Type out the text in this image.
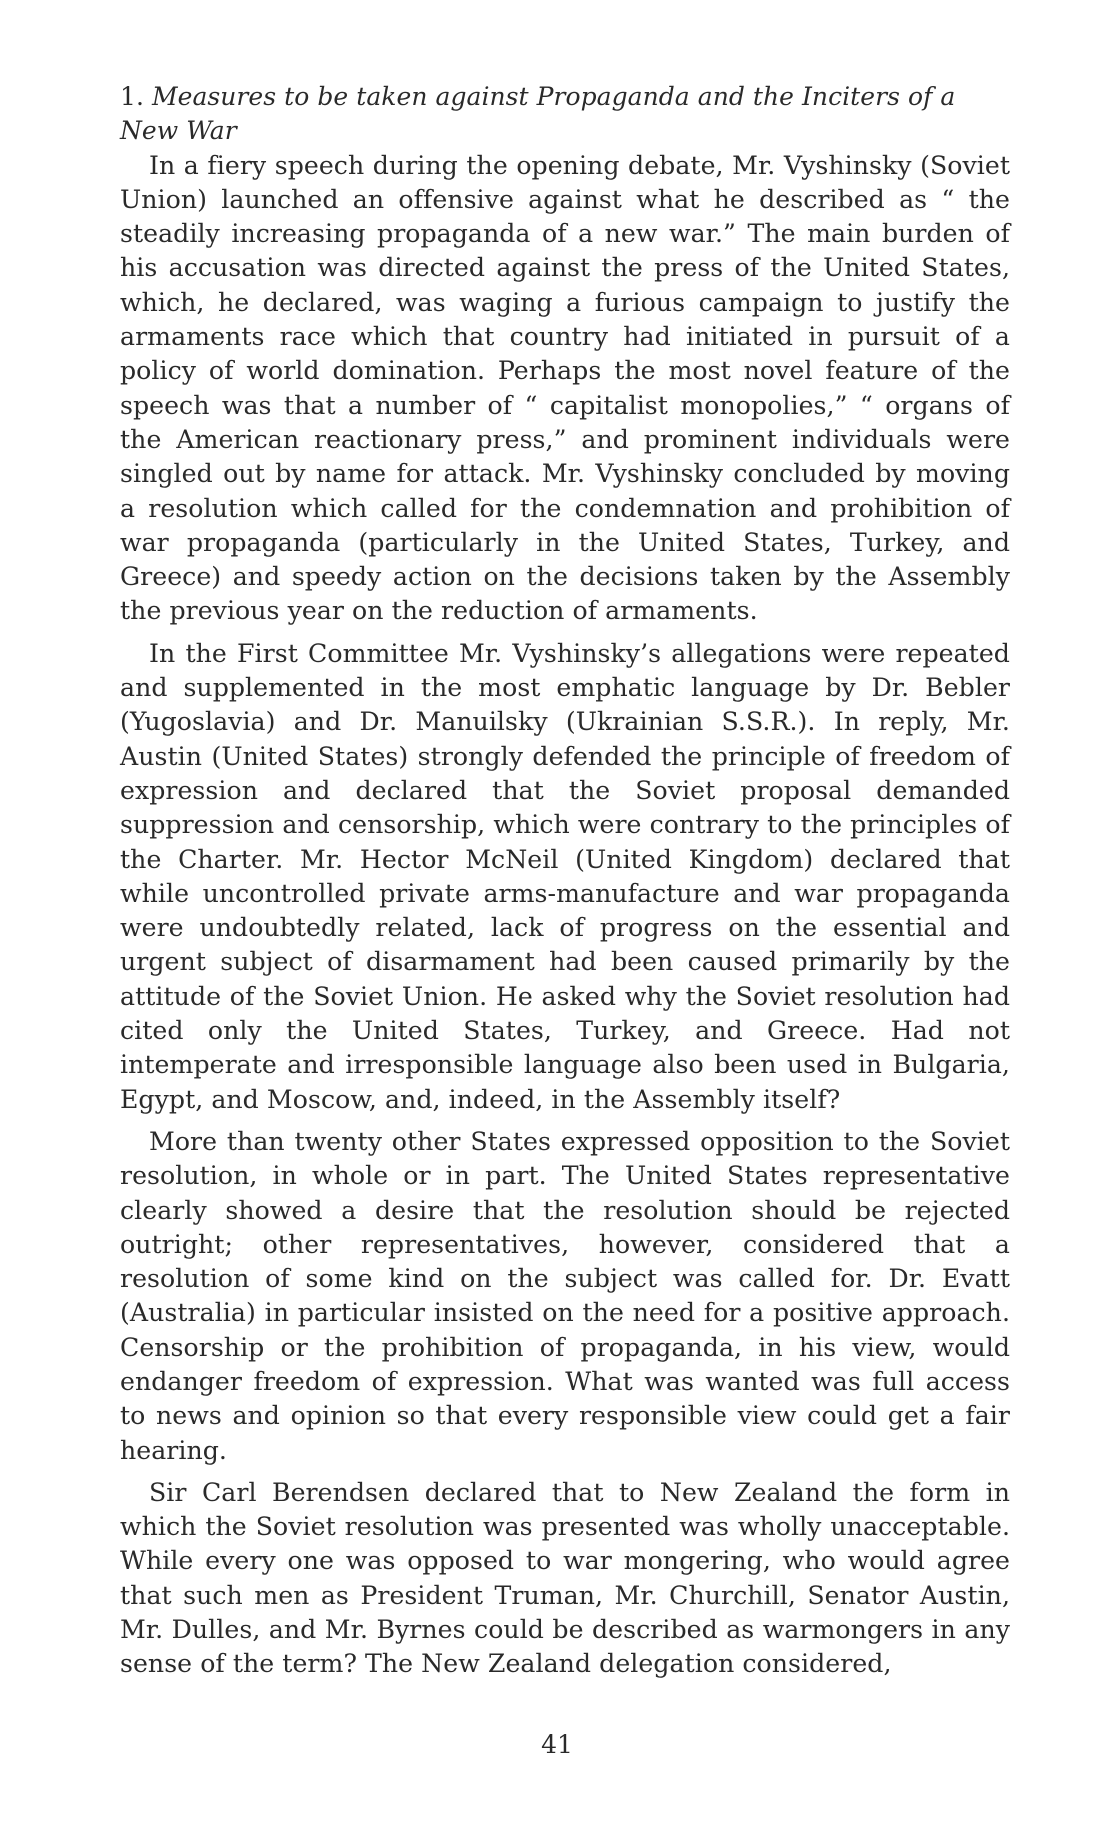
1. Measures to be taken against Propaganda and the Inciters of a New War

In a fiery speech during the opening debate, Mr. Vyshinsky (Soviet Union) launched an offensive against what he described as “ the steadily increasing propaganda of a new war.” The main burden of his accusation was directed against the press of the United States, which, he declared, was waging a furious campaign to justify the armaments race which that country had initiated in pursuit of a policy of world domination. Perhaps the most novel feature of the speech was that a number of “ capitalist monopolies,” “ organs of the American reactionary press,” and prominent individuals were singled out by name for attack. Mr. Vyshinsky concluded by moving a resolution which called for the condemnation and prohibition of war propaganda (particularly in the United States, Turkey, and Greece) and speedy action on the decisions taken by the Assembly the previous year on the reduction of armaments.

In the First Committee Mr. Vyshinsky’s allegations were repeated and supplemented in the most emphatic language by Dr. Bebler (Yugoslavia) and Dr. Manuilsky (Ukrainian S.S.R.). In reply, Mr. Austin (United States) strongly defended the principle of freedom of expression and declared that the Soviet proposal demanded suppression and censorship, which were contrary to the principles of the Charter. Mr. Hector McNeil (United Kingdom) declared that while uncontrolled private arms-manufacture and war propaganda were undoubtedly related, lack of progress on the essential and urgent subject of disarmament had been caused primarily by the attitude of the Soviet Union. He asked why the Soviet resolution had cited only the United States, Turkey, and Greece. Had not intemperate and irresponsible language also been used in Bulgaria, Egypt, and Moscow, and, indeed, in the Assembly itself?

More than twenty other States expressed opposition to the Soviet resolution, in whole or in part. The United States representative clearly showed a desire that the resolution should be rejected outright; other representatives, however, considered that a resolution of some kind on the subject was called for. Dr. Evatt (Australia) in particular insisted on the need for a positive approach. Censorship or the prohibition of propaganda, in his view, would endanger freedom of expression. What was wanted was full access to news and opinion so that every responsible view could get a fair hearing.

Sir Carl Berendsen declared that to New Zealand the form in which the Soviet resolution was presented was wholly unacceptable. While every one was opposed to war mongering, who would agree that such men as President Truman, Mr. Churchill, Senator Austin, Mr. Dulles, and Mr. Byrnes could be described as warmongers in any sense of the term? The New Zealand delegation considered,

41
